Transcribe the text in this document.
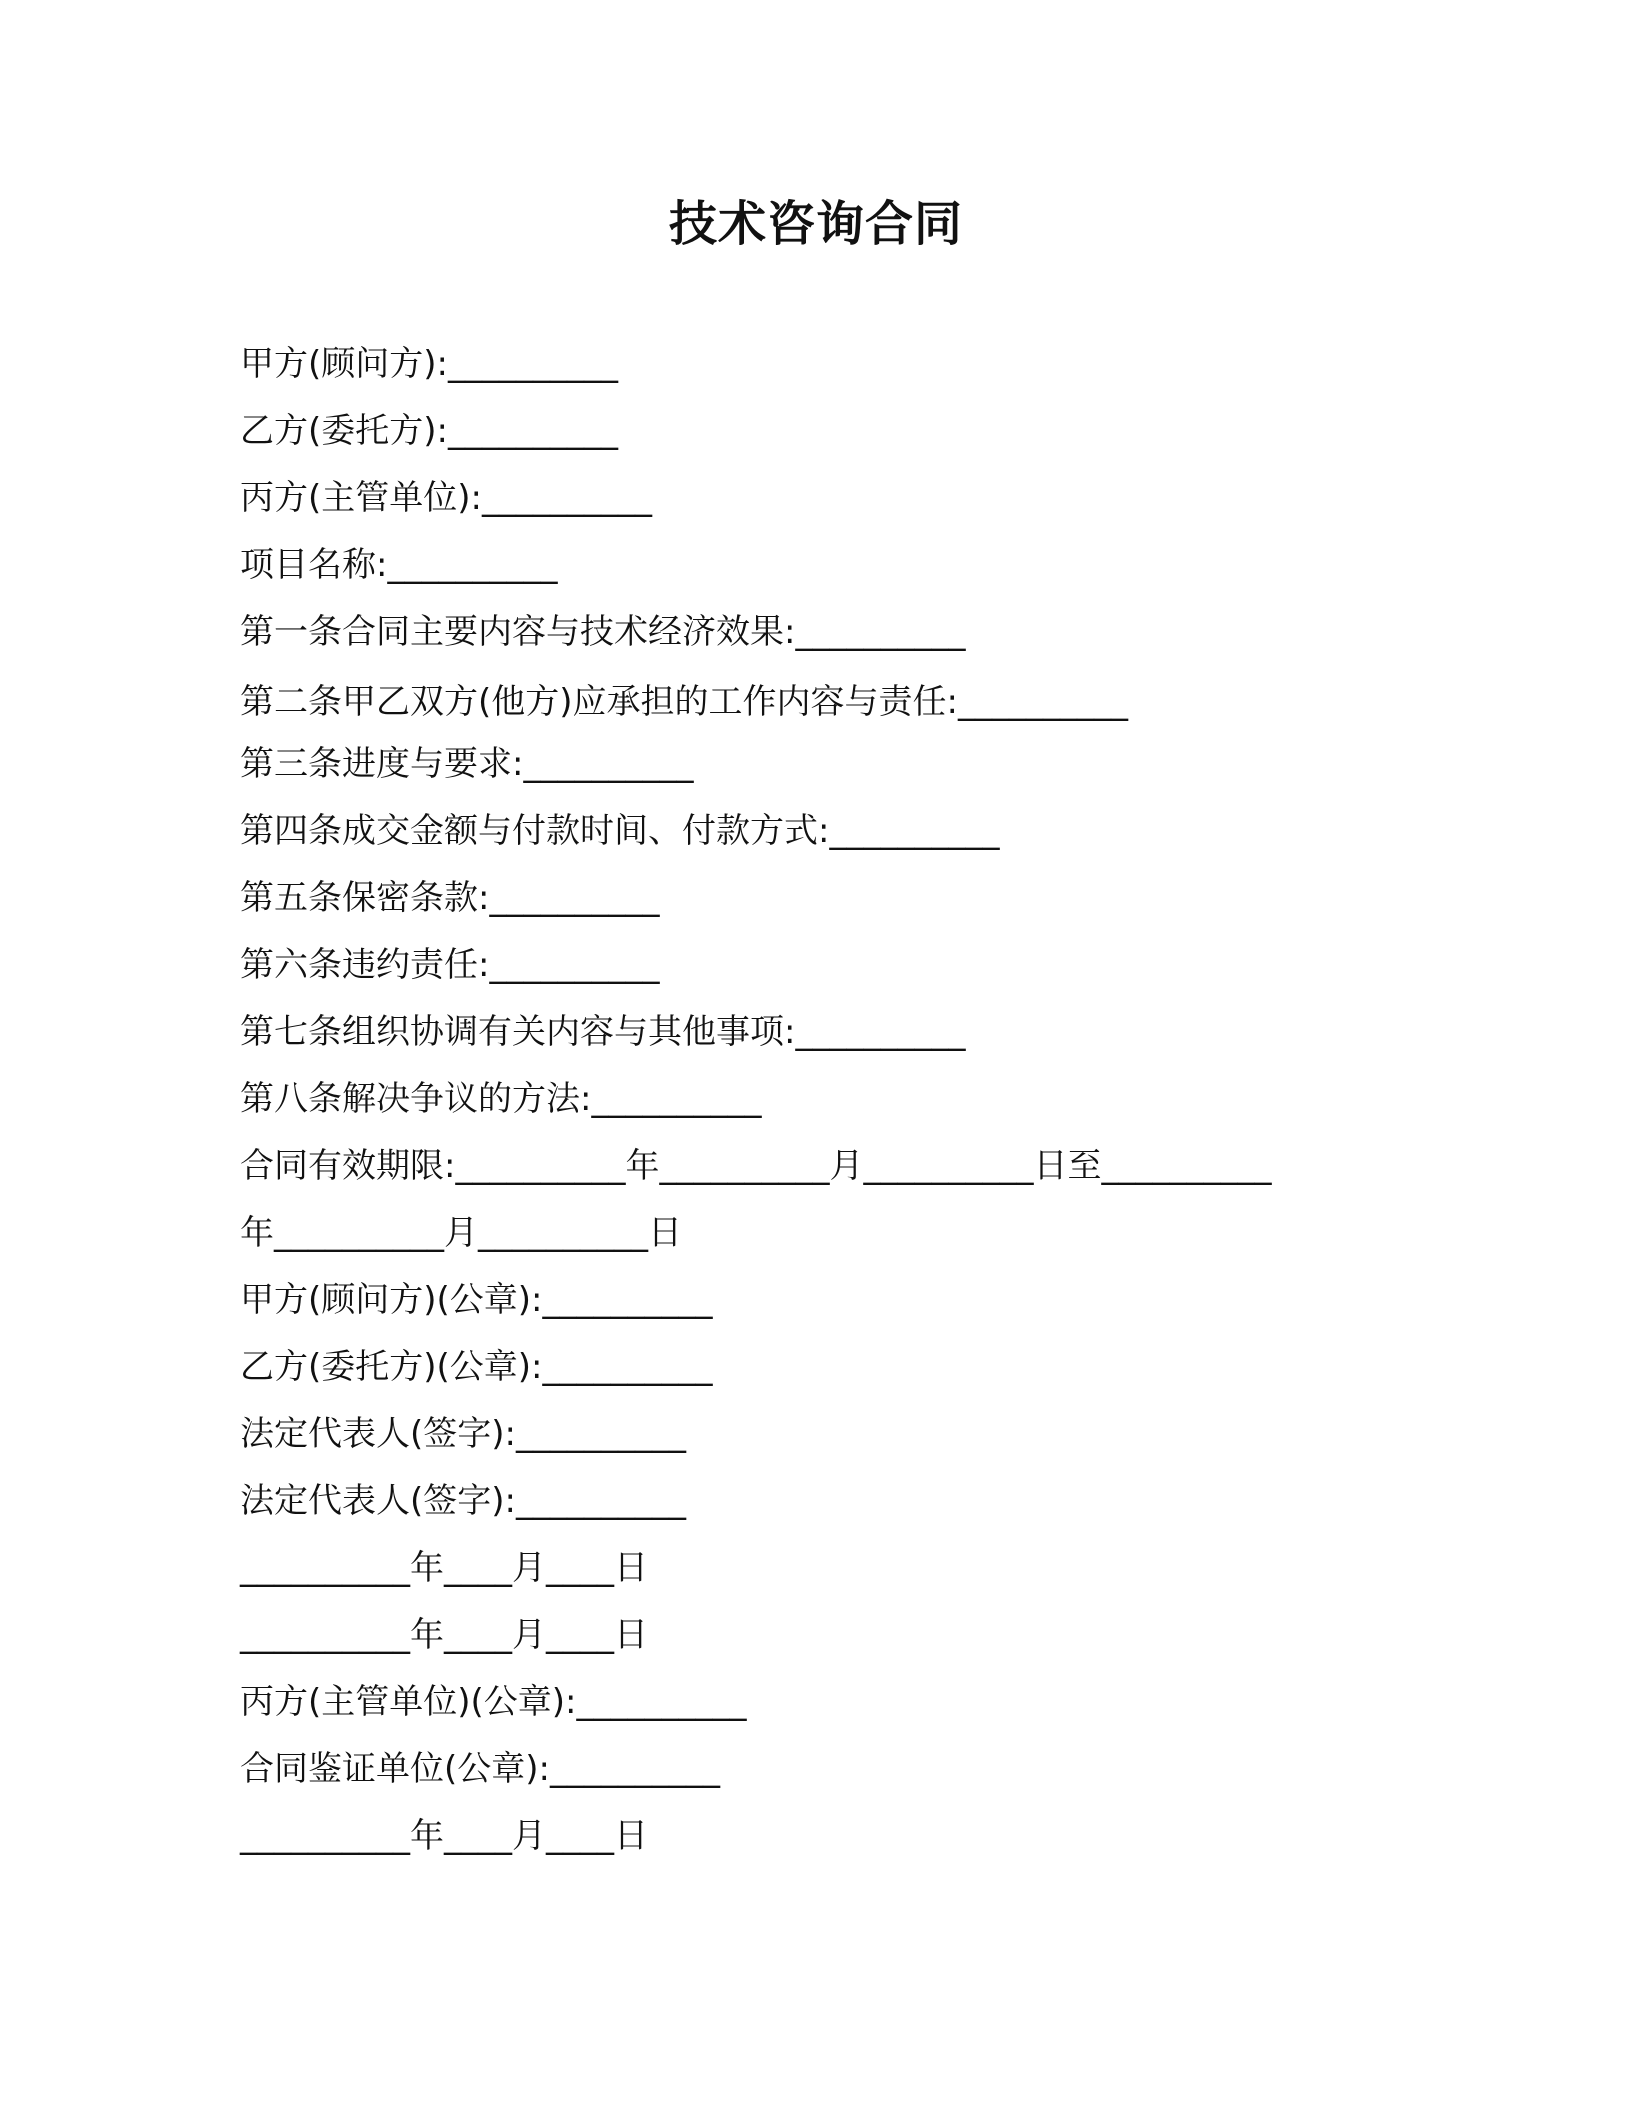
技术咨询合同
甲方(顾问方):__________
乙方(委托方):__________
丙方(主管单位):__________
项目名称:__________
第一条合同主要内容与技术经济效果:__________
第二条甲乙双方(他方)应承担的工作内容与责任:__________
第三条进度与要求:__________
第四条成交金额与付款时间、付款方式:__________
第五条保密条款:__________
第六条违约责任:__________
第七条组织协调有关内容与其他事项:__________
第八条解决争议的方法:__________
合同有效期限:__________年__________月__________日至__________
年__________月__________日
甲方(顾问方)(公章):__________
乙方(委托方)(公章):__________
法定代表人(签字):__________
法定代表人(签字):__________
__________年____月____日
__________年____月____日
丙方(主管单位)(公章):__________
合同鉴证单位(公章):__________
__________年____月____日
